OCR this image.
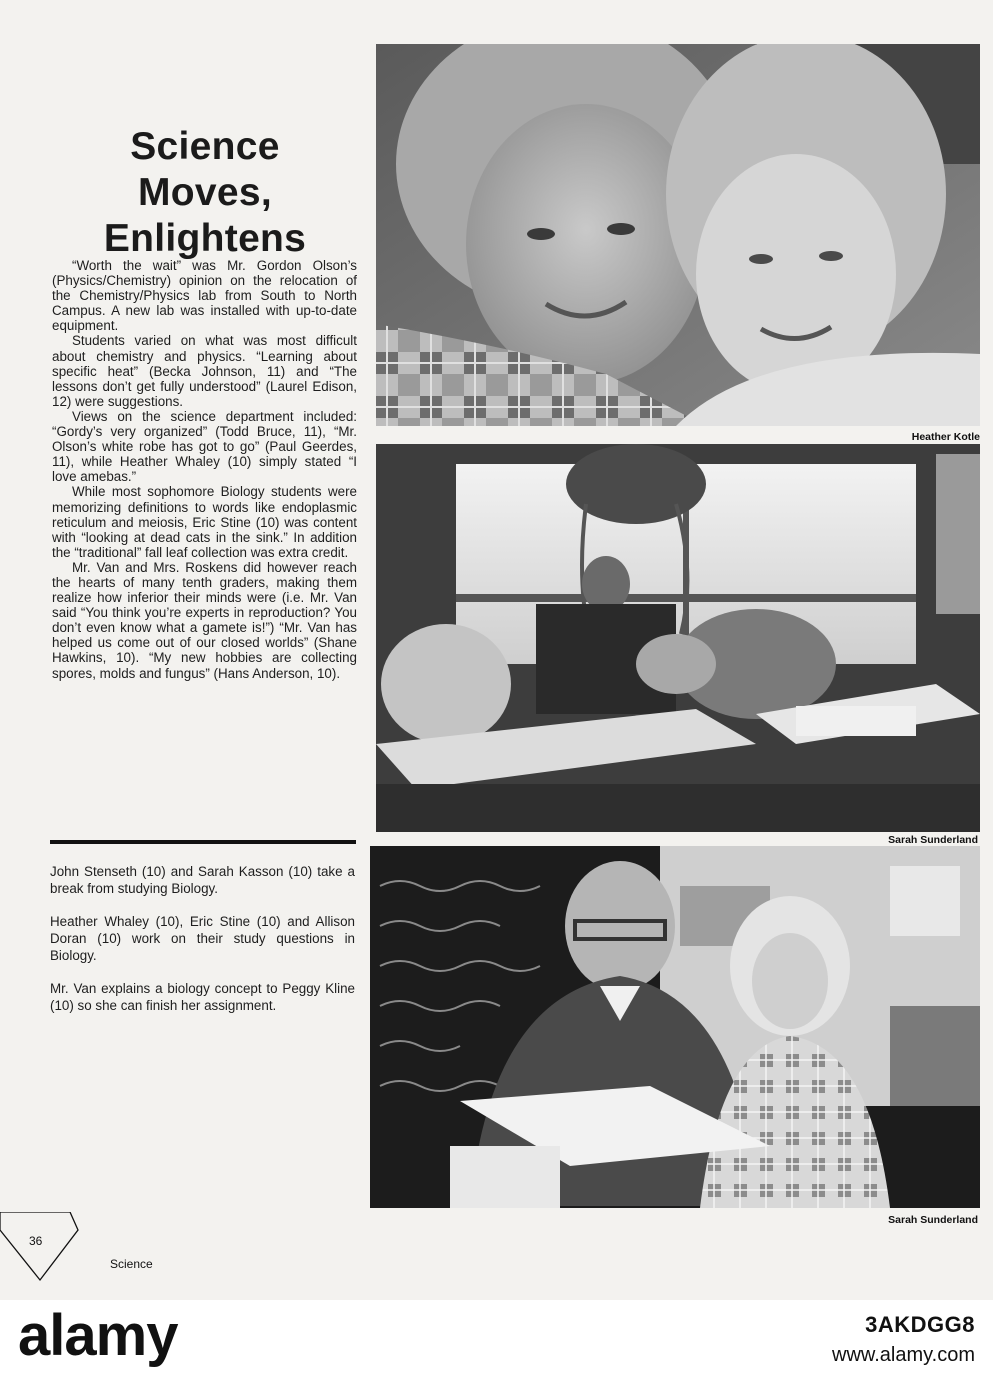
Science
Moves,
Enlightens

“Worth the wait” was Mr. Gordon Olson’s (Physics/Chemistry) opinion on the relocation of the Chemistry/Physics lab from South to North Campus. A new lab was installed with up-to-date equipment.

Students varied on what was most difficult about chemistry and physics. “Learning about specific heat” (Becka Johnson, 11) and “The lessons don’t get fully understood” (Laurel Edison, 12) were suggestions.

Views on the science department included: “Gordy’s very organized” (Todd Bruce, 11), “Mr. Olson’s white robe has got to go” (Paul Geerdes, 11), while Heather Whaley (10) simply stated “I love amebas.”

While most sophomore Biology students were memorizing definitions to words like endoplasmic reticulum and meiosis, Eric Stine (10) was content with “looking at dead cats in the sink.” In addition the “traditional” fall leaf collection was extra credit.

Mr. Van and Mrs. Roskens did however reach the hearts of many tenth graders, making them realize how inferior their minds were (i.e. Mr. Van said “You think you’re experts in reproduction? You don’t even know what a gamete is!”) “Mr. Van has helped us come out of our closed worlds” (Shane Hawkins, 10). “My new hobbies are collecting spores, molds and fungus” (Hans Anderson, 10).

John Stenseth (10) and Sarah Kasson (10) take a break from studying Biology.

Heather Whaley (10), Eric Stine (10) and Allison Doran (10) work on their study questions in Biology.

Mr. Van explains a biology concept to Peggy Kline (10) so she can finish her assignment.

Heather Kotle
Sarah Sunderland
Sarah Sunderland
36
Science
alamy	3AKDGG8
www.alamy.com
